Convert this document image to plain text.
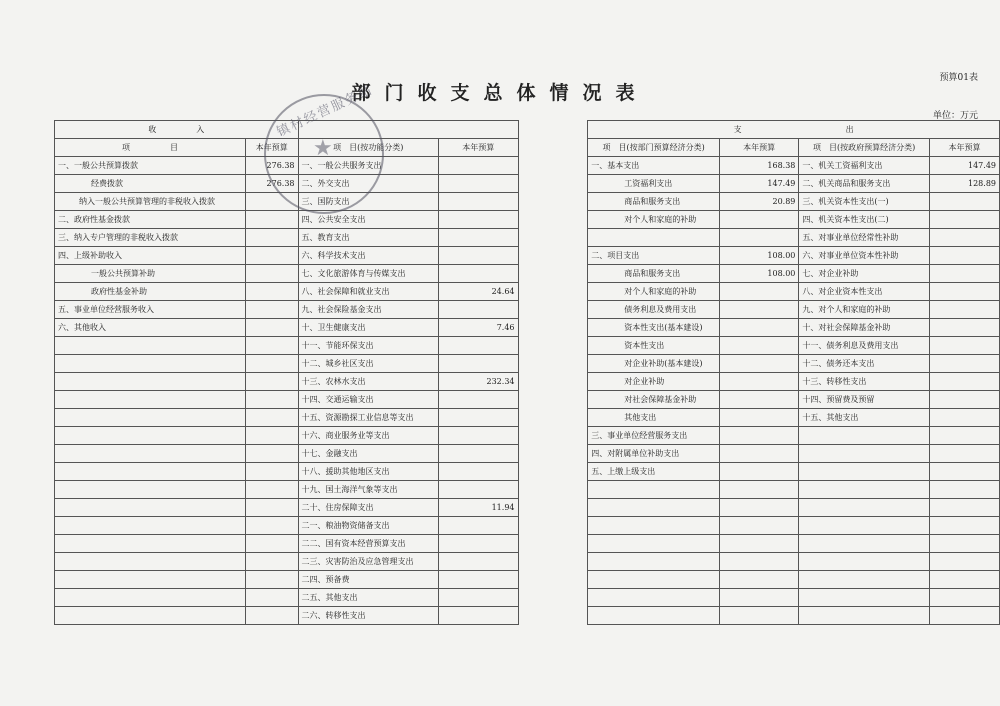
预算01表
部门收支总体情况表
单位：万元
收　　　　　入					支　　　　　　　　　　　　　出			
项　　　　　目	本年预算	项　目(按功能分类)	本年预算		项　目(按部门预算经济分类)	本年预算	项　目(按政府预算经济分类)	本年预算
一、一般公共预算拨款	276.38	一、一般公共服务支出			一、基本支出	168.38	一、机关工资福利支出	147.49
经费拨款	276.38	二、外交支出			工资福利支出	147.49	二、机关商品和服务支出	128.89
纳入一般公共预算管理的非税收入拨款		三、国防支出			商品和服务支出	20.89	三、机关资本性支出(一)	
二、政府性基金拨款		四、公共安全支出			对个人和家庭的补助		四、机关资本性支出(二)	
三、纳入专户管理的非税收入拨款		五、教育支出					五、对事业单位经常性补助	
四、上级补助收入		六、科学技术支出			二、项目支出	108.00	六、对事业单位资本性补助	
一般公共预算补助		七、文化旅游体育与传媒支出			商品和服务支出	108.00	七、对企业补助	
政府性基金补助		八、社会保障和就业支出	24.64		对个人和家庭的补助		八、对企业资本性支出	
五、事业单位经营服务收入		九、社会保险基金支出			债务利息及费用支出		九、对个人和家庭的补助	
六、其他收入		十、卫生健康支出	7.46		资本性支出(基本建设)		十、对社会保障基金补助	
		十一、节能环保支出			资本性支出		十一、债务利息及费用支出	
		十二、城乡社区支出			对企业补助(基本建设)		十二、债务还本支出	
		十三、农林水支出	232.34		对企业补助		十三、转移性支出	
		十四、交通运输支出			对社会保障基金补助		十四、预留费及预留	
		十五、资源勘探工业信息等支出			其他支出		十五、其他支出	
		十六、商业服务业等支出			三、事业单位经营服务支出			
		十七、金融支出			四、对附属单位补助支出			
		十八、援助其他地区支出			五、上缴上级支出			
		十九、国土海洋气象等支出						
		二十、住房保障支出	11.94					
		二一、粮油物资储备支出						
		二二、国有资本经营预算支出						
		二三、灾害防治及应急管理支出						
		二四、预备费						
		二五、其他支出						
		二六、转移性支出						
镇村经营服务站
★
